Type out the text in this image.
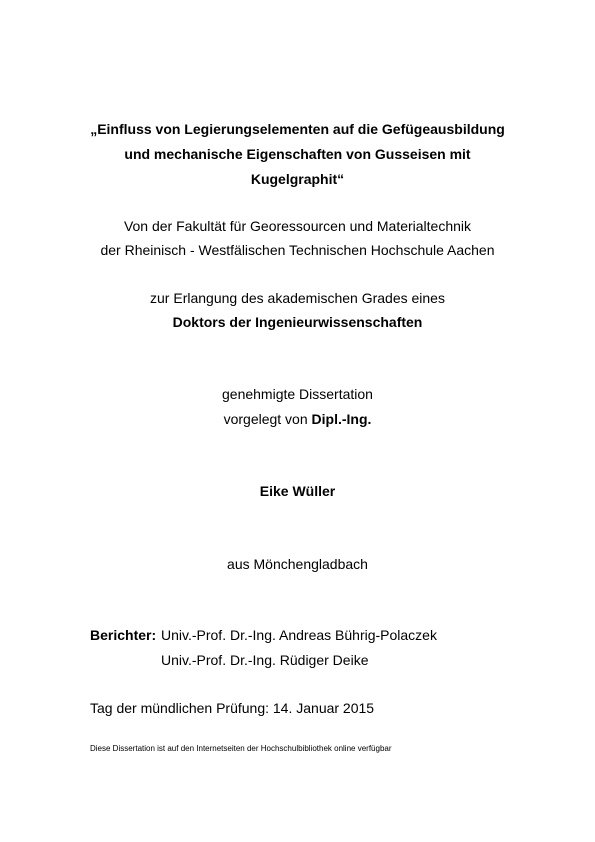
„Einfluss von Legierungselementen auf die Gefügeausbildung
und mechanische Eigenschaften von Gusseisen mit
Kugelgraphit“
Von der Fakultät für Georessourcen und Materialtechnik
der Rheinisch - Westfälischen Technischen Hochschule Aachen
zur Erlangung des akademischen Grades eines
Doktors der Ingenieurwissenschaften
genehmigte Dissertation
vorgelegt von Dipl.-Ing.
Eike Wüller
aus Mönchengladbach
Berichter: Univ.-Prof. Dr.-Ing. Andreas Bührig-Polaczek
Univ.-Prof. Dr.-Ing. Rüdiger Deike
Tag der mündlichen Prüfung: 14. Januar 2015
Diese Dissertation ist auf den Internetseiten der Hochschulbibliothek online verfügbar
